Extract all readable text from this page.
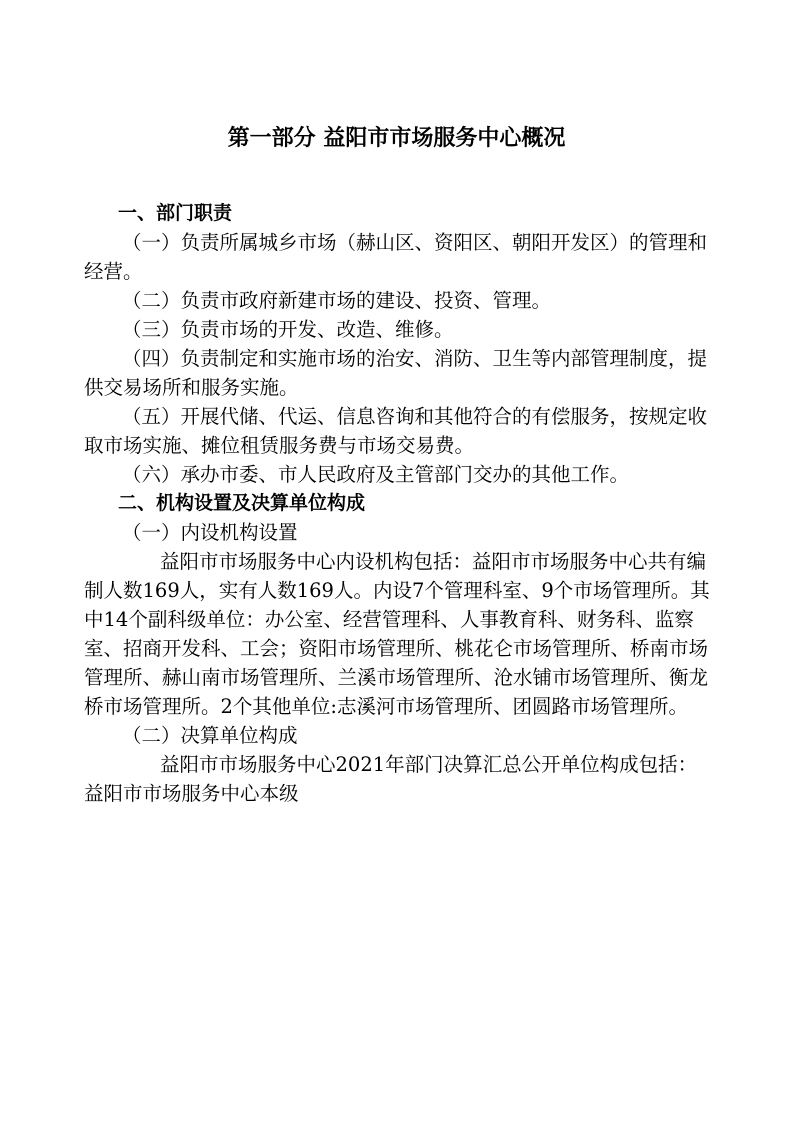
第一部分 益阳市市场服务中心概况

一、部门职责

（一）负责所属城乡市场（赫山区、资阳区、朝阳开发区）的管理和经营。

（二）负责市政府新建市场的建设、投资、管理。

（三）负责市场的开发、改造、维修。

（四）负责制定和实施市场的治安、消防、卫生等内部管理制度，提供交易场所和服务实施。

（五）开展代储、代运、信息咨询和其他符合的有偿服务，按规定收取市场实施、摊位租赁服务费与市场交易费。

（六）承办市委、市人民政府及主管部门交办的其他工作。

二、机构设置及决算单位构成

（一）内设机构设置

益阳市市场服务中心内设机构包括：益阳市市场服务中心共有编制人数169人，实有人数169人。内设7个管理科室、9个市场管理所。其中14个副科级单位：办公室、经营管理科、人事教育科、财务科、监察室、招商开发科、工会；资阳市场管理所、桃花仑市场管理所、桥南市场管理所、赫山南市场管理所、兰溪市场管理所、沧水铺市场管理所、衡龙桥市场管理所。2个其他单位:志溪河市场管理所、团圆路市场管理所。

（二）决算单位构成

益阳市市场服务中心2021年部门决算汇总公开单位构成包括：益阳市市场服务中心本级
